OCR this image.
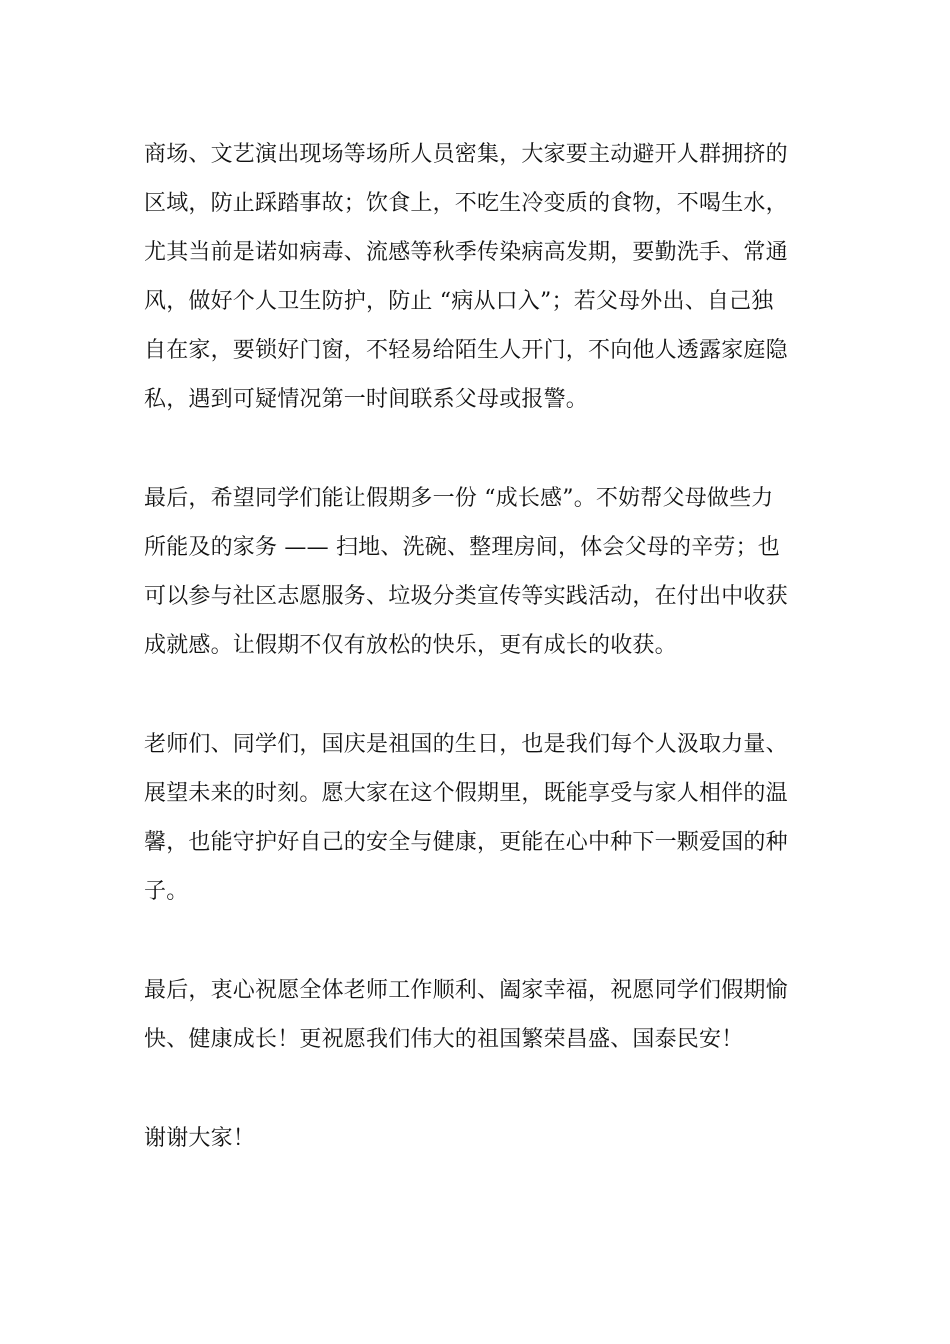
商场、文艺演出现场等场所人员密集，大家要主动避开人群拥挤的
区域，防止踩踏事故；饮食上，不吃生冷变质的食物，不喝生水，
尤其当前是诺如病毒、流感等秋季传染病高发期，要勤洗手、常通
风，做好个人卫生防护，防止 “病从口入”；若父母外出、自己独
自在家，要锁好门窗，不轻易给陌生人开门，不向他人透露家庭隐
私，遇到可疑情况第一时间联系父母或报警。
最后，希望同学们能让假期多一份 “成长感”。不妨帮父母做些力
所能及的家务 —— 扫地、洗碗、整理房间，体会父母的辛劳；也
可以参与社区志愿服务、垃圾分类宣传等实践活动，在付出中收获
成就感。让假期不仅有放松的快乐，更有成长的收获。
老师们、同学们，国庆是祖国的生日，也是我们每个人汲取力量、
展望未来的时刻。愿大家在这个假期里，既能享受与家人相伴的温
馨，也能守护好自己的安全与健康，更能在心中种下一颗爱国的种
子。
最后，衷心祝愿全体老师工作顺利、阖家幸福，祝愿同学们假期愉
快、健康成长！更祝愿我们伟大的祖国繁荣昌盛、国泰民安！
谢谢大家！
